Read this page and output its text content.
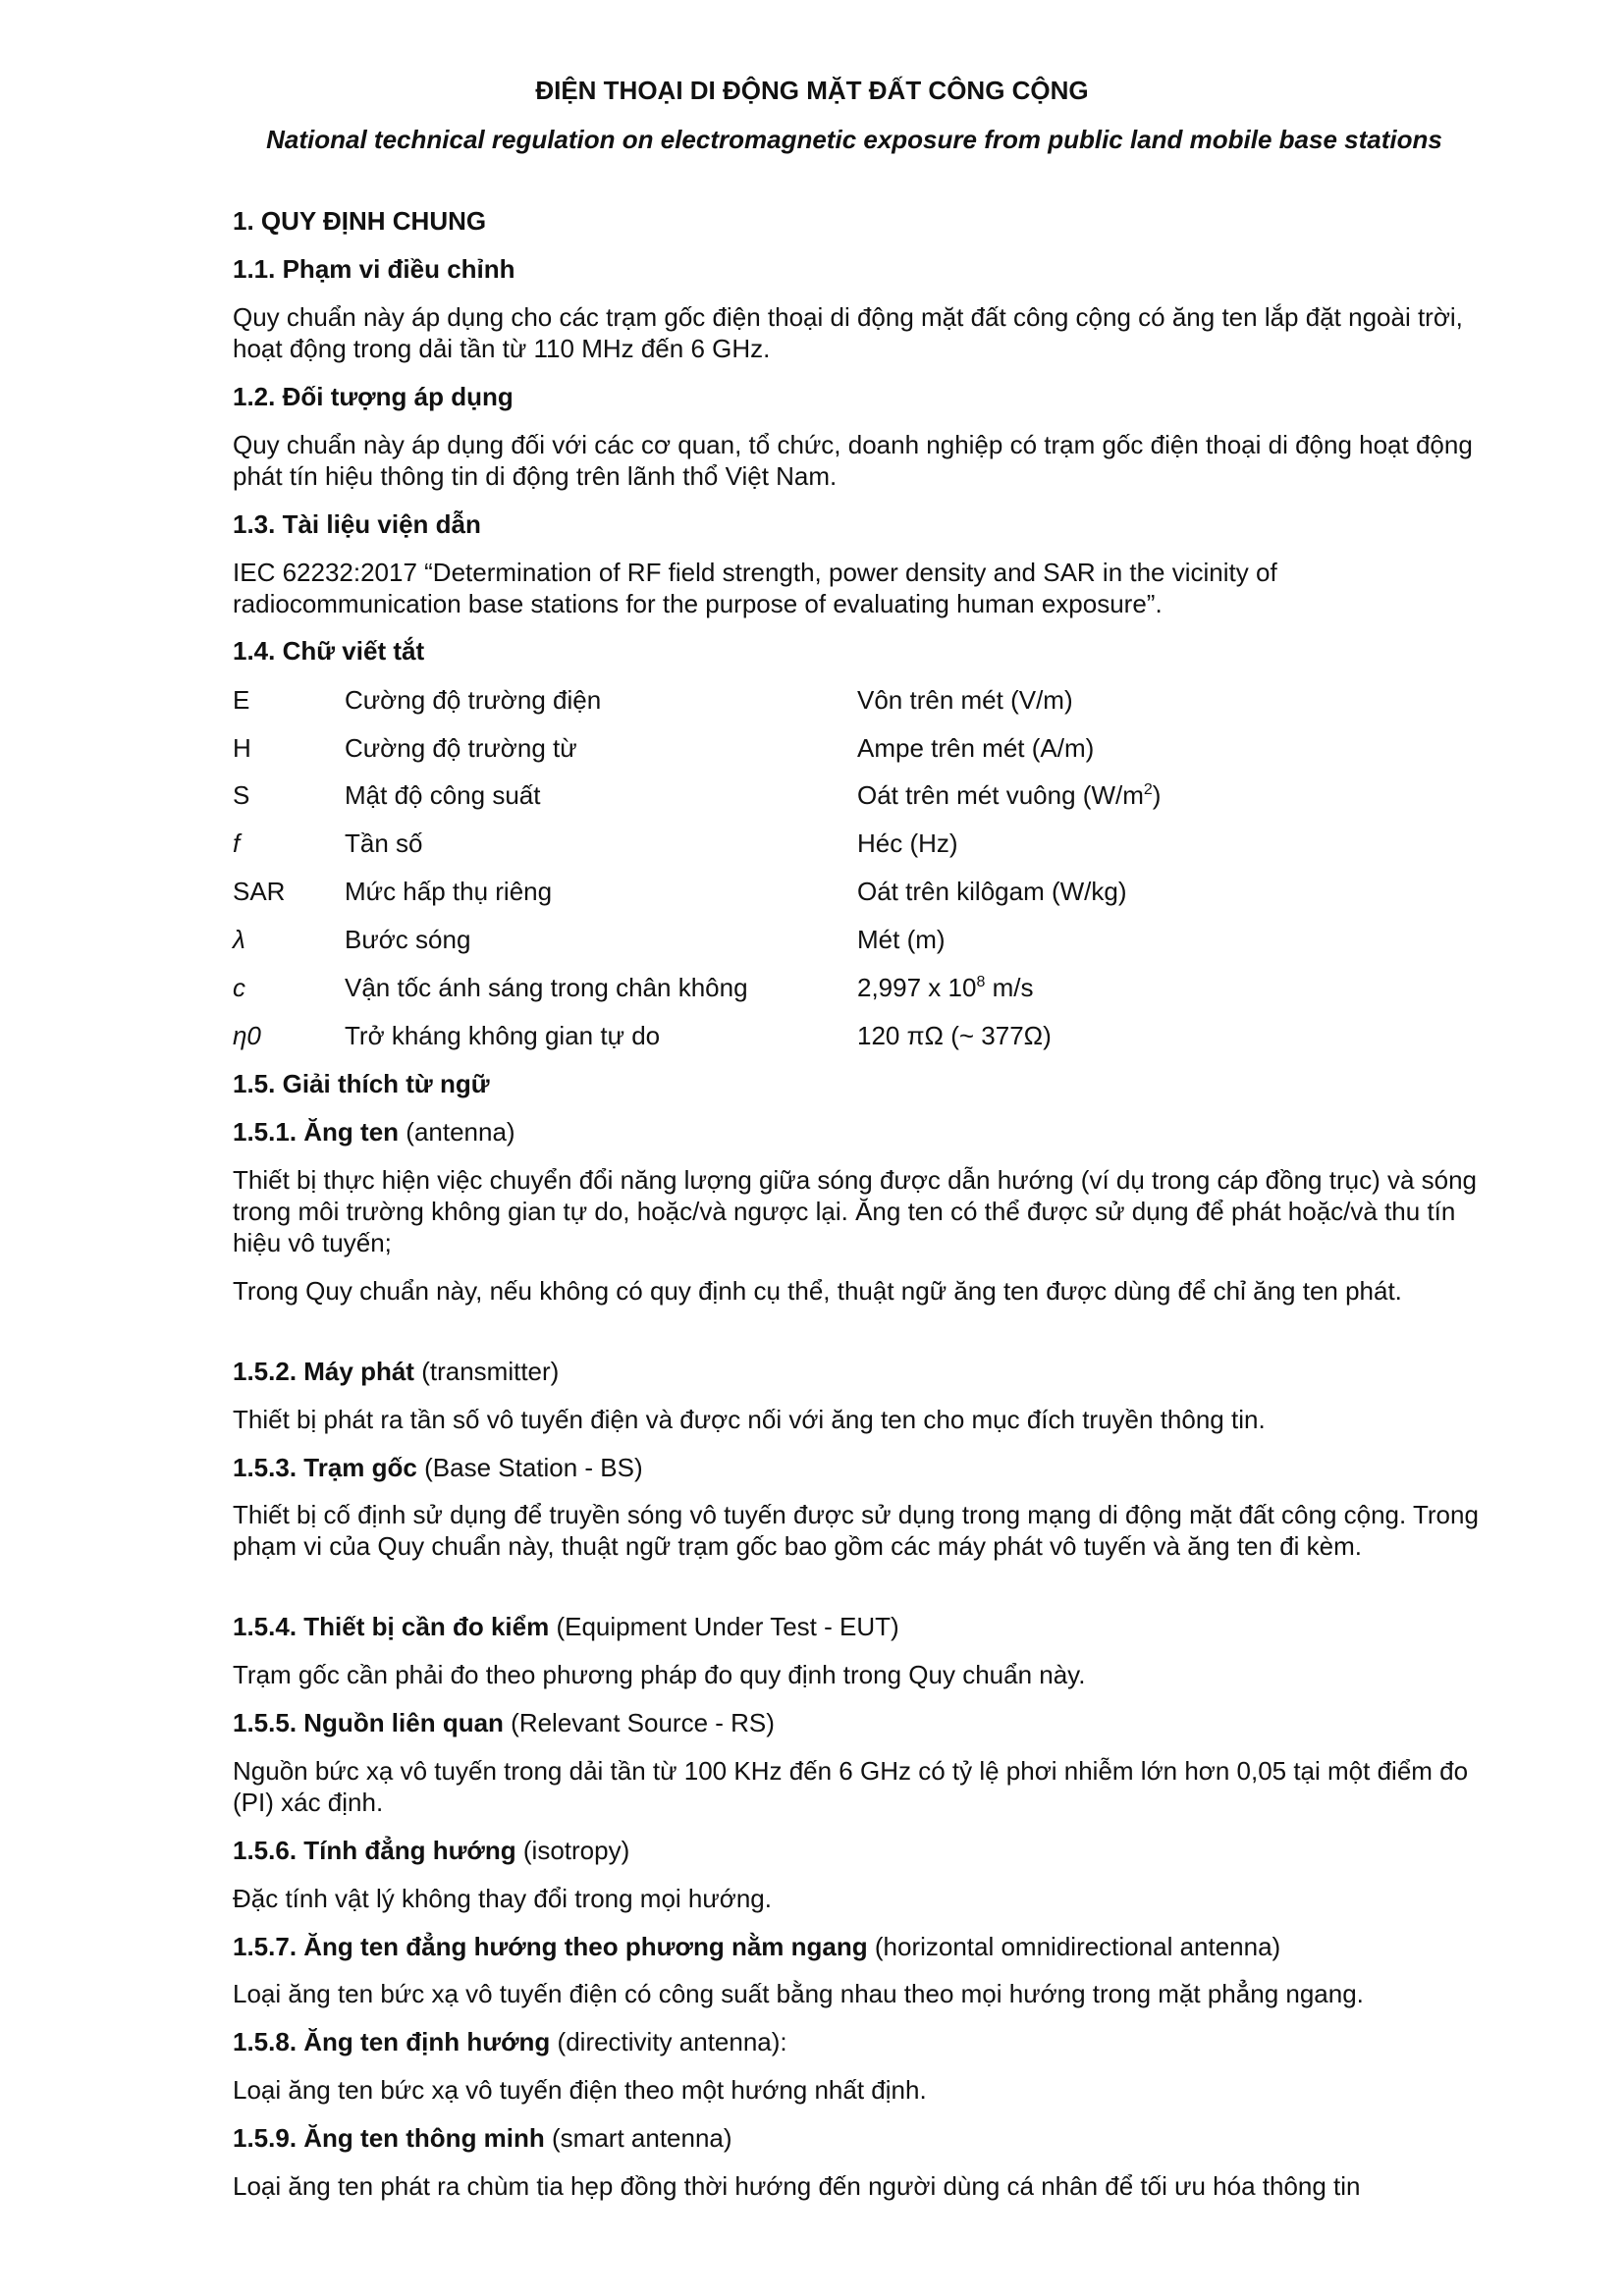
ĐIỆN THOẠI DI ĐỘNG MẶT ĐẤT CÔNG CỘNG
National technical regulation on electromagnetic exposure from public land mobile base stations
1. QUY ĐỊNH CHUNG
1.1. Phạm vi điều chỉnh
Quy chuẩn này áp dụng cho các trạm gốc điện thoại di động mặt đất công cộng có ăng ten lắp đặt ngoài trời, hoạt động trong dải tần từ 110 MHz đến 6 GHz.
1.2. Đối tượng áp dụng
Quy chuẩn này áp dụng đối với các cơ quan, tổ chức, doanh nghiệp có trạm gốc điện thoại di động hoạt động phát tín hiệu thông tin di động trên lãnh thổ Việt Nam.
1.3. Tài liệu viện dẫn
IEC 62232:2017 “Determination of RF field strength, power density and SAR in the vicinity of radiocommunication base stations for the purpose of evaluating human exposure”.
1.4. Chữ viết tắt
E	Cường độ trường điện	Vôn trên mét (V/m)
H	Cường độ trường từ	Ampe trên mét (A/m)
S	Mật độ công suất	Oát trên mét vuông $(W/m^2)$
f	Tần số	Héc (Hz)
SAR Mức hấp thụ riêng	Oát trên kilôgam (W/kg)
λ	Bước sóng	Mét (m)
c	Vận tốc ánh sáng trong chân không	2,997 x $10^8$ m/s
η0	Trở kháng không gian tự do	120 πΩ (~ 377Ω)
1.5. Giải thích từ ngữ
1.5.1. Ăng ten (antenna)
Thiết bị thực hiện việc chuyển đổi năng lượng giữa sóng được dẫn hướng (ví dụ trong cáp đồng trục) và sóng trong môi trường không gian tự do, hoặc/và ngược lại. Ăng ten có thể được sử dụng để phát hoặc/và thu tín hiệu vô tuyến;
Trong Quy chuẩn này, nếu không có quy định cụ thể, thuật ngữ ăng ten được dùng để chỉ ăng ten phát.
1.5.2. Máy phát (transmitter)
Thiết bị phát ra tần số vô tuyến điện và được nối với ăng ten cho mục đích truyền thông tin.
1.5.3. Trạm gốc (Base Station - BS)
Thiết bị cố định sử dụng để truyền sóng vô tuyến được sử dụng trong mạng di động mặt đất công cộng. Trong phạm vi của Quy chuẩn này, thuật ngữ trạm gốc bao gồm các máy phát vô tuyến và ăng ten đi kèm.
1.5.4. Thiết bị cần đo kiểm (Equipment Under Test - EUT)
Trạm gốc cần phải đo theo phương pháp đo quy định trong Quy chuẩn này.
1.5.5. Nguồn liên quan (Relevant Source - RS)
Nguồn bức xạ vô tuyến trong dải tần từ 100 KHz đến 6 GHz có tỷ lệ phơi nhiễm lớn hơn 0,05 tại một điểm đo (PI) xác định.
1.5.6. Tính đẳng hướng (isotropy)
Đặc tính vật lý không thay đổi trong mọi hướng.
1.5.7. Ăng ten đẳng hướng theo phương nằm ngang (horizontal omnidirectional antenna)
Loại ăng ten bức xạ vô tuyến điện có công suất bằng nhau theo mọi hướng trong mặt phẳng ngang.
1.5.8. Ăng ten định hướng (directivity antenna):
Loại ăng ten bức xạ vô tuyến điện theo một hướng nhất định.
1.5.9. Ăng ten thông minh (smart antenna)
Loại ăng ten phát ra chùm tia hẹp đồng thời hướng đến người dùng cá nhân để tối ưu hóa thông tin
